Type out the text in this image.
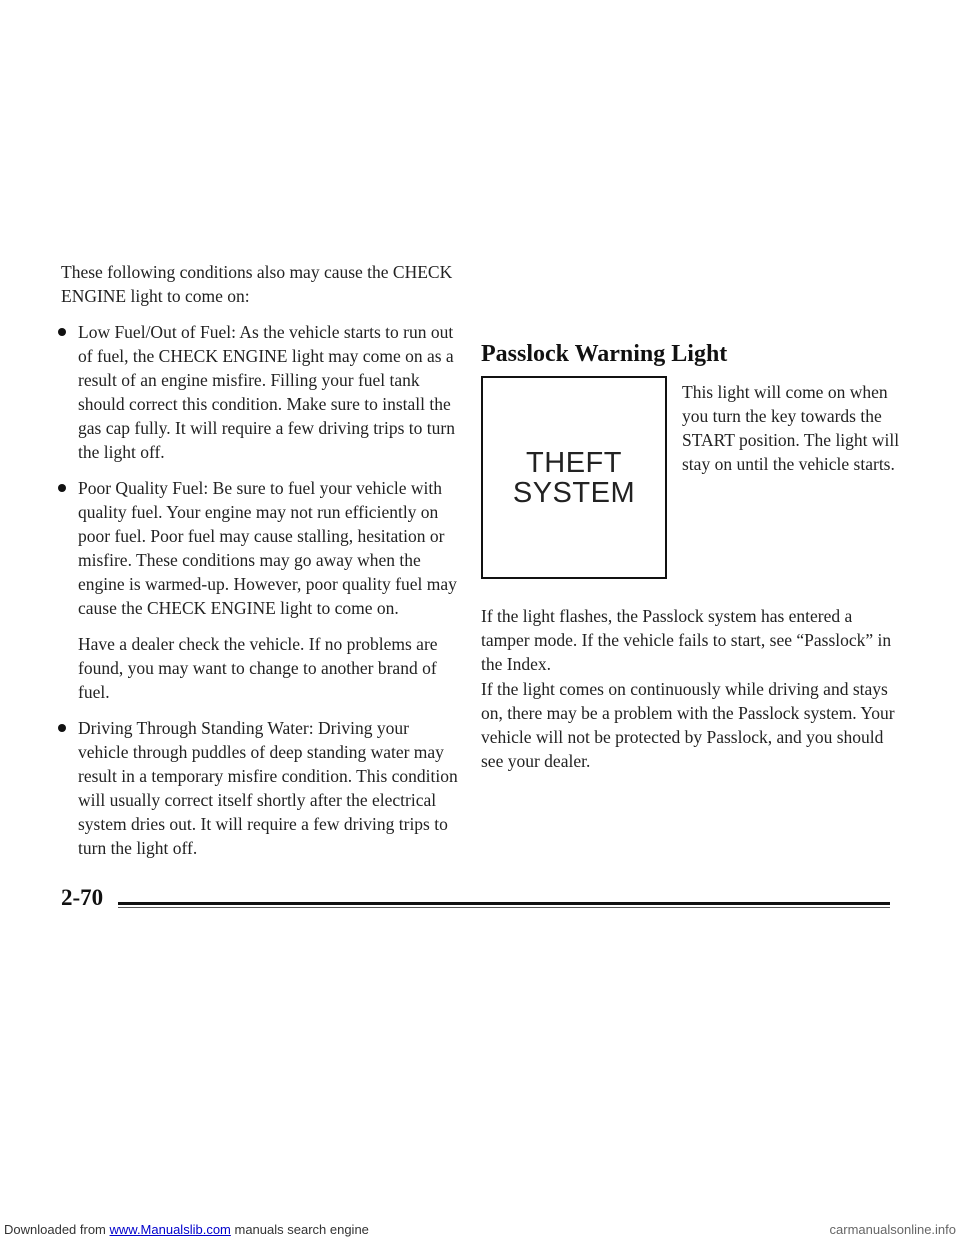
These following conditions also may cause the CHECK ENGINE light to come on:

Low Fuel/Out of Fuel: As the vehicle starts to run out of fuel, the CHECK ENGINE light may come on as a result of an engine misfire. Filling your fuel tank should correct this condition. Make sure to install the gas cap fully. It will require a few driving trips to turn the light off.

Poor Quality Fuel: Be sure to fuel your vehicle with quality fuel. Your engine may not run efficiently on poor fuel. Poor fuel may cause stalling, hesitation or misfire. These conditions may go away when the engine is warmed-up. However, poor quality fuel may cause the CHECK ENGINE light to come on.

Have a dealer check the vehicle. If no problems are found, you may want to change to another brand of fuel.

Driving Through Standing Water: Driving your vehicle through puddles of deep standing water may result in a temporary misfire condition. This condition will usually correct itself shortly after the electrical system dries out. It will require a few driving trips to turn the light off.

Passlock Warning Light
THEFT
SYSTEM

This light will come on when you turn the key towards the START position. The light will stay on until the vehicle starts.

If the light flashes, the Passlock system has entered a tamper mode. If the vehicle fails to start, see “Passlock” in the Index.

If the light comes on continuously while driving and stays on, there may be a problem with the Passlock system. Your vehicle will not be protected by Passlock, and you should see your dealer.

2-70
Downloaded from www.Manualslib.com manuals search engine	carmanualsonline.info
